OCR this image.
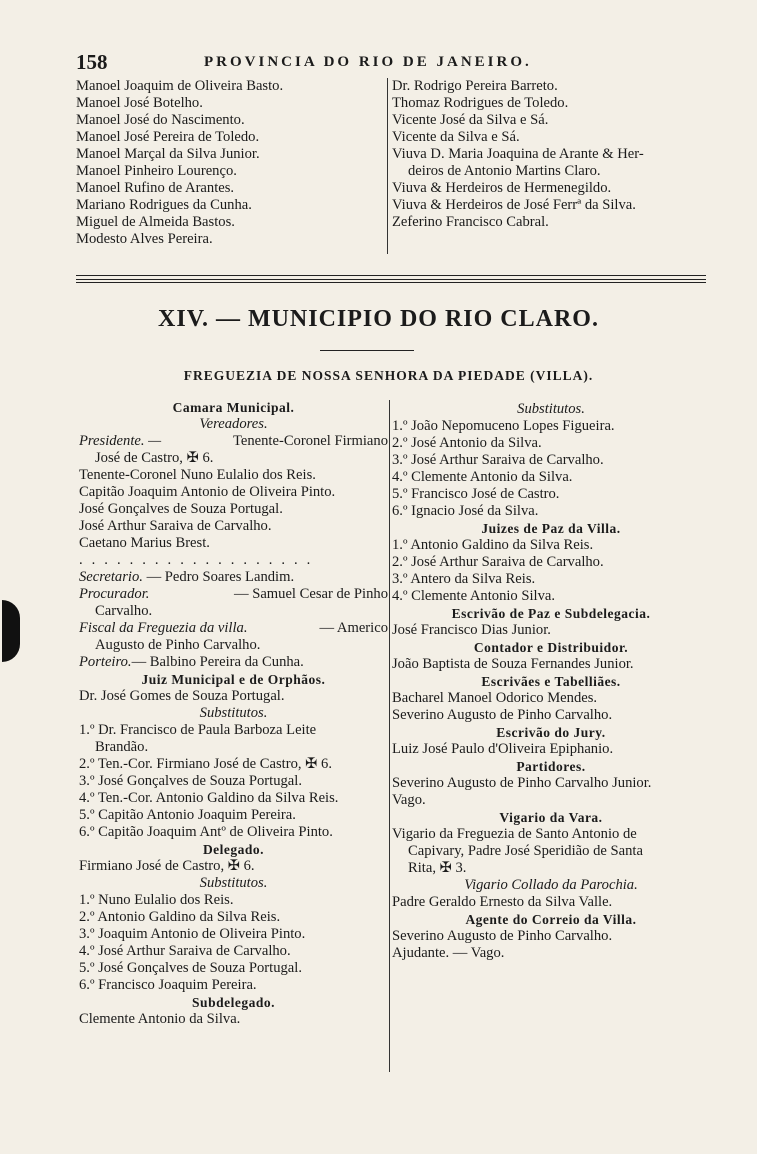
158	PROVINCIA DO RIO DE JANEIRO.
Manoel Joaquim de Oliveira Basto.
Manoel José Botelho.
Manoel José do Nascimento.
Manoel José Pereira de Toledo.
Manoel Marçal da Silva Junior.
Manoel Pinheiro Lourenço.
Manoel Rufino de Arantes.
Mariano Rodrigues da Cunha.
Miguel de Almeida Bastos.
Modesto Alves Pereira.
Dr. Rodrigo Pereira Barreto.
Thomaz Rodrigues de Toledo.
Vicente José da Silva e Sá.
Vicente da Silva e Sá.
Viuva D. Maria Joaquina de Arante & Her-
deiros de Antonio Martins Claro.
Viuva & Herdeiros de Hermenegildo.
Viuva & Herdeiros de José Ferrª da Silva.
Zeferino Francisco Cabral.
XIV. — MUNICIPIO DO RIO CLARO.
FREGUEZIA DE NOSSA SENHORA DA PIEDADE (VILLA).
Camara Municipal.
Vereadores.
Presidente. —	Tenente-Coronel Firmiano
José de Castro, ✠ 6.
Tenente-Coronel Nuno Eulalio dos Reis.
Capitão Joaquim Antonio de Oliveira Pinto.
José Gonçalves de Souza Portugal.
José Arthur Saraiva de Carvalho.
Caetano Marius Brest.
...................
Secretario. — Pedro Soares Landim.
Procurador.	— Samuel Cesar de Pinho
Carvalho.
Fiscal da Freguezia da villa.	— Americo
Augusto de Pinho Carvalho.
Porteiro.— Balbino Pereira da Cunha.
Juiz Municipal e de Orphãos.
Dr. José Gomes de Souza Portugal.
Substitutos.
1.º Dr. Francisco de Paula Barboza Leite
Brandão.
2.º Ten.-Cor. Firmiano José de Castro, ✠ 6.
3.º José Gonçalves de Souza Portugal.
4.º Ten.-Cor. Antonio Galdino da Silva Reis.
5.º Capitão Antonio Joaquim Pereira.
6.º Capitão Joaquim Antº de Oliveira Pinto.
Delegado.
Firmiano José de Castro, ✠ 6.
Substitutos.
1.º Nuno Eulalio dos Reis.
2.º Antonio Galdino da Silva Reis.
3.º Joaquim Antonio de Oliveira Pinto.
4.º José Arthur Saraiva de Carvalho.
5.º José Gonçalves de Souza Portugal.
6.º Francisco Joaquim Pereira.
Subdelegado.
Clemente Antonio da Silva.
Substitutos.
1.º João Nepomuceno Lopes Figueira.
2.º José Antonio da Silva.
3.º José Arthur Saraiva de Carvalho.
4.º Clemente Antonio da Silva.
5.º Francisco José de Castro.
6.º Ignacio José da Silva.
Juizes de Paz da Villa.
1.º Antonio Galdino da Silva Reis.
2.º José Arthur Saraiva de Carvalho.
3.º Antero da Silva Reis.
4.º Clemente Antonio Silva.
Escrivão de Paz e Subdelegacia.
José Francisco Dias Junior.
Contador e Distribuidor.
João Baptista de Souza Fernandes Junior.
Escrivães e Tabelliães.
Bacharel Manoel Odorico Mendes.
Severino Augusto de Pinho Carvalho.
Escrivão do Jury.
Luiz José Paulo d'Oliveira Epiphanio.
Partidores.
Severino Augusto de Pinho Carvalho Junior.
Vago.
Vigario da Vara.
Vigario da Freguezia de Santo Antonio de
Capivary, Padre José Speridião de Santa
Rita, ✠ 3.
Vigario Collado da Parochia.
Padre Geraldo Ernesto da Silva Valle.
Agente do Correio da Villa.
Severino Augusto de Pinho Carvalho.
Ajudante. — Vago.
